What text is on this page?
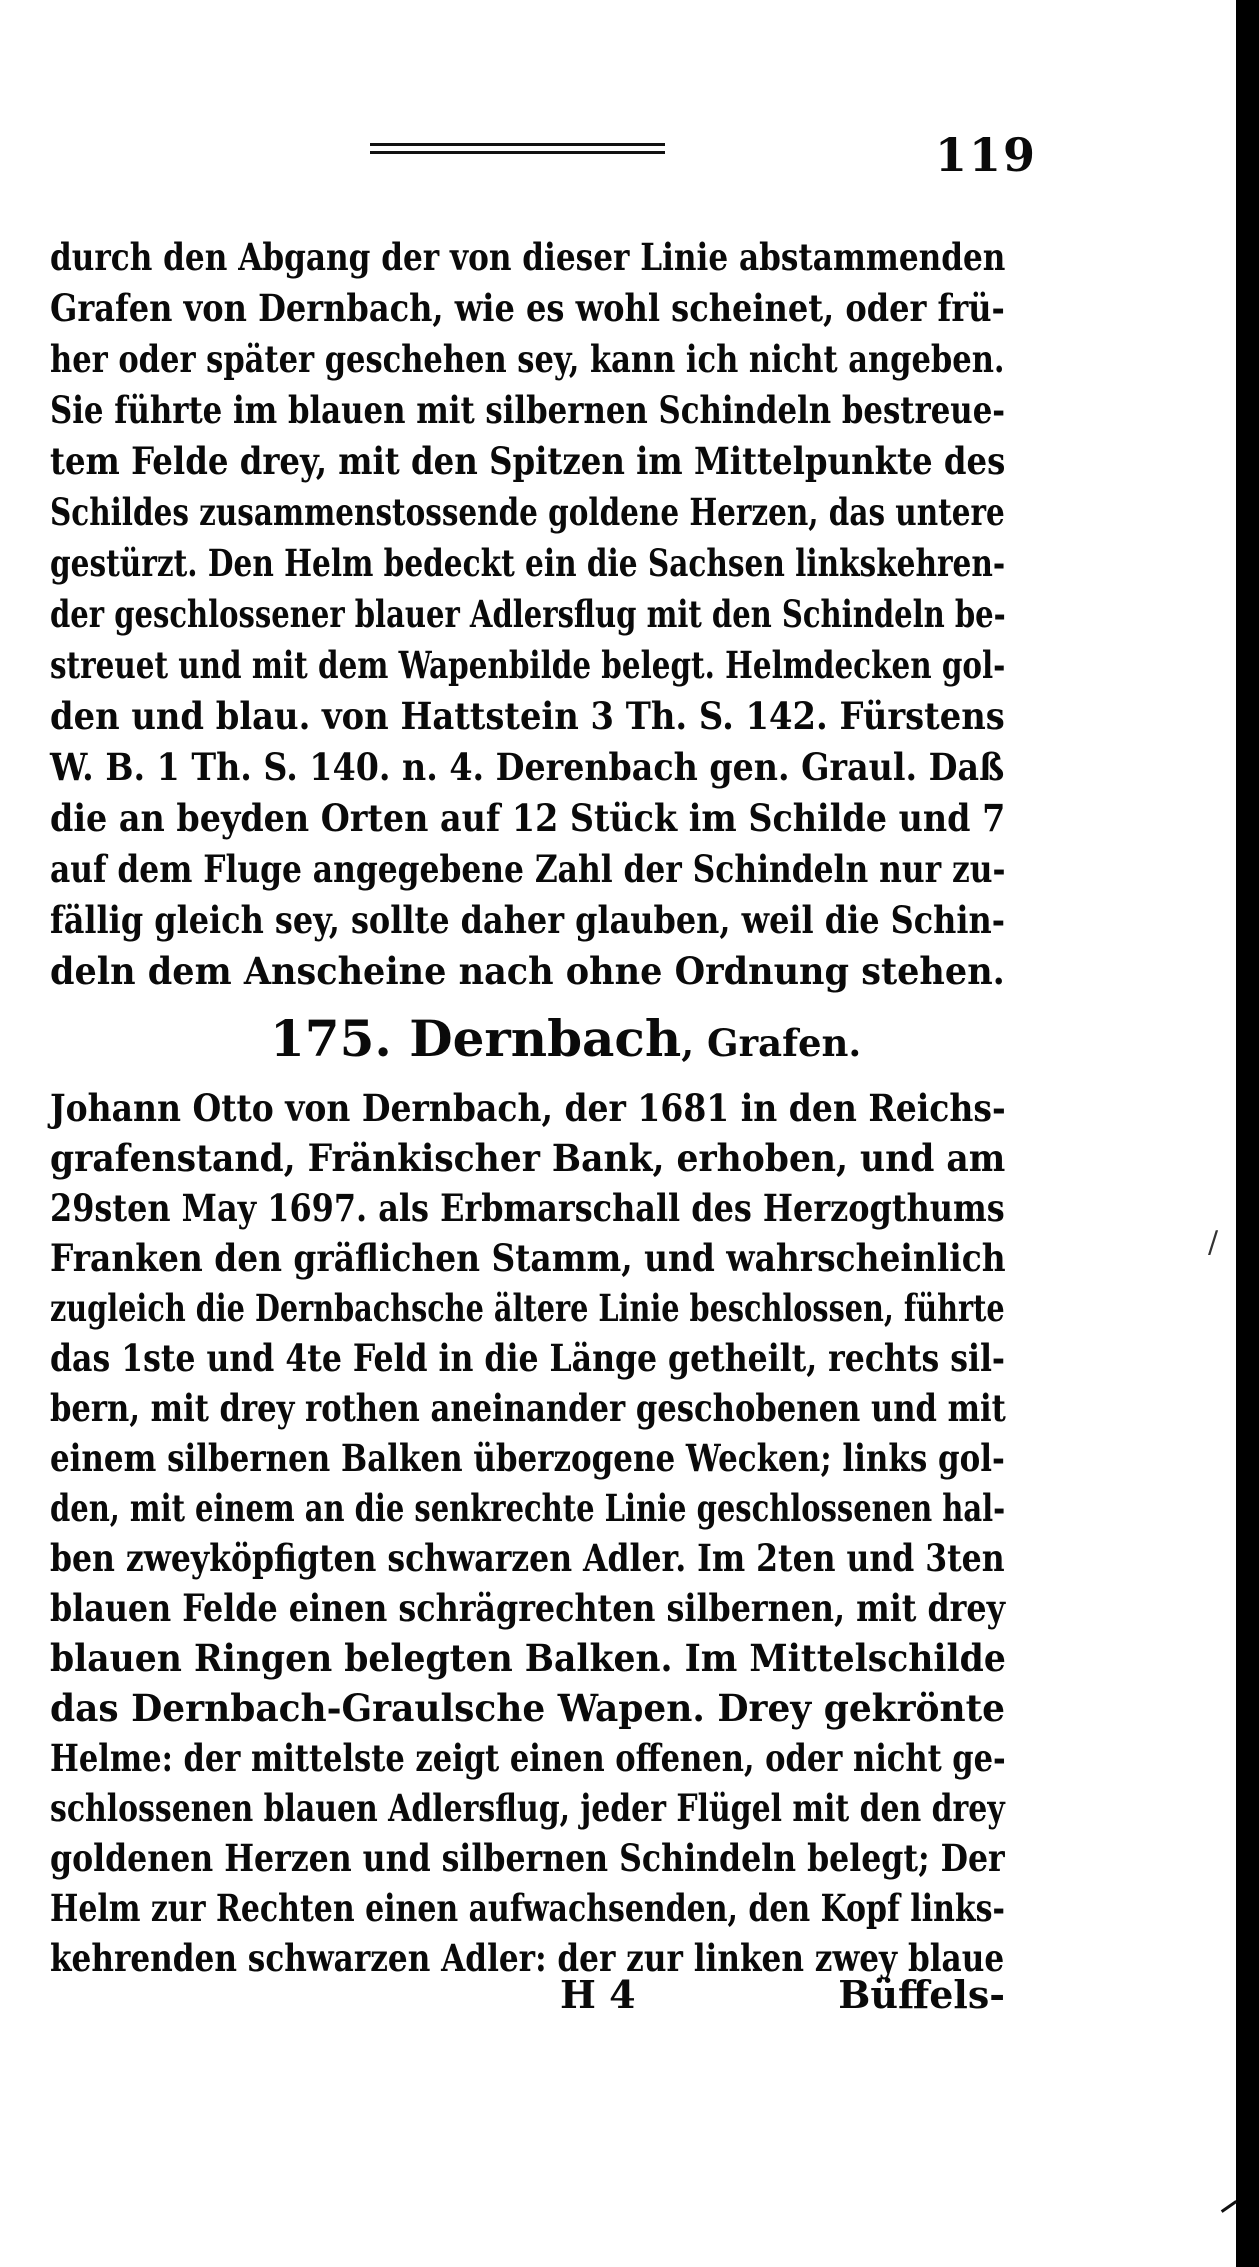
119

durch den Abgang der von dieser Linie abstammenden

Grafen von Dernbach, wie es wohl scheinet, oder frü-

her oder später geschehen sey, kann ich nicht angeben.

Sie führte im blauen mit silbernen Schindeln bestreue-

tem Felde drey, mit den Spitzen im Mittelpunkte des

Schildes zusammenstossende goldene Herzen, das untere

gestürzt. Den Helm bedeckt ein die Sachsen linkskehren-

der geschlossener blauer Adlersflug mit den Schindeln be-

streuet und mit dem Wapenbilde belegt. Helmdecken gol-

den und blau. von Hattstein 3 Th. S. 142. Fürstens

W. B. 1 Th. S. 140. n. 4. Derenbach gen. Graul. Daß

die an beyden Orten auf 12 Stück im Schilde und 7

auf dem Fluge angegebene Zahl der Schindeln nur zu-

fällig gleich sey, sollte daher glauben, weil die Schin-

deln dem Anscheine nach ohne Ordnung stehen.

175. Dernbach, Grafen.

Johann Otto von Dernbach, der 1681 in den Reichs-

grafenstand, Fränkischer Bank, erhoben, und am

29sten May 1697. als Erbmarschall des Herzogthums

Franken den gräflichen Stamm, und wahrscheinlich

zugleich die Dernbachsche ältere Linie beschlossen, führte

das 1ste und 4te Feld in die Länge getheilt, rechts sil-

bern, mit drey rothen aneinander geschobenen und mit

einem silbernen Balken überzogene Wecken; links gol-

den, mit einem an die senkrechte Linie geschlossenen hal-

ben zweyköpfigten schwarzen Adler. Im 2ten und 3ten

blauen Felde einen schrägrechten silbernen, mit drey

blauen Ringen belegten Balken. Im Mittelschilde

das Dernbach-Graulsche Wapen. Drey gekrönte

Helme: der mittelste zeigt einen offenen, oder nicht ge-

schlossenen blauen Adlersflug, jeder Flügel mit den drey

goldenen Herzen und silbernen Schindeln belegt; Der

Helm zur Rechten einen aufwachsenden, den Kopf links-

kehrenden schwarzen Adler: der zur linken zwey blaue

H 4	Büffels-
/
